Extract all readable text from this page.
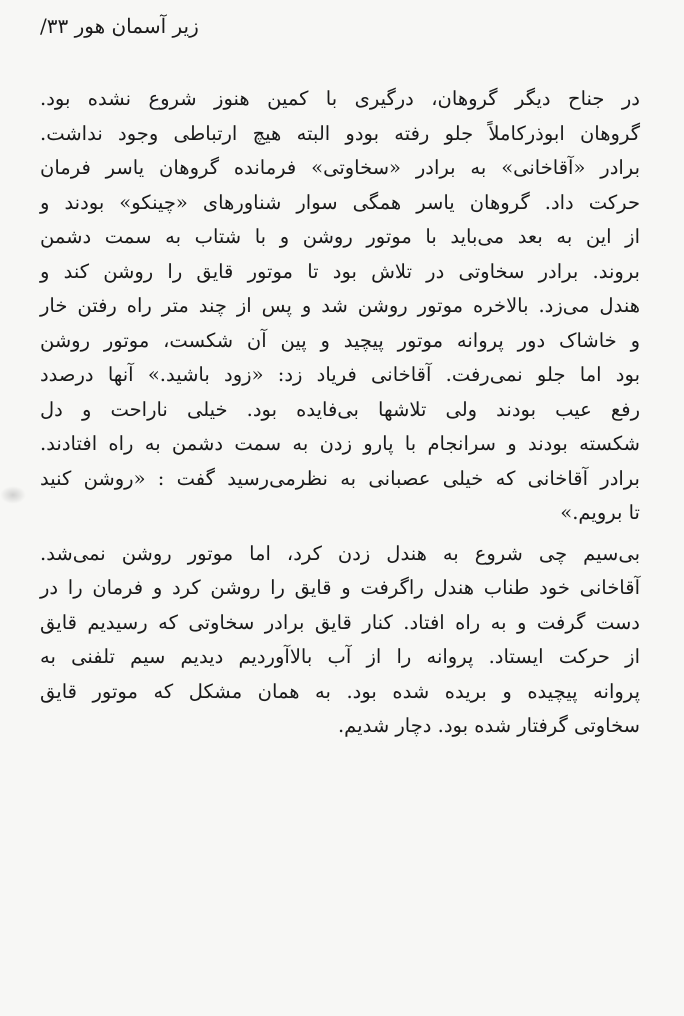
زیر آسمان هور ۳۳/
در جناح دیگر گروهان، درگیری با کمین هنوز شروع نشده بود.
گروهان ابوذرکاملاً جلو رفته بودو البته هیچ ارتباطی وجود نداشت.
برادر «آقاخانی» به برادر «سخاوتی» فرمانده گروهان یاسر فرمان
حرکت داد. گروهان یاسر همگی سوار شناورهای «چینکو» بودند و
از این به بعد می‌باید با موتور روشن و با شتاب به سمت دشمن
بروند. برادر سخاوتی در تلاش بود تا موتور قایق را روشن کند و
هندل می‌زد. بالاخره موتور روشن شد و پس از چند متر راه رفتن خار
و خاشاک دور پروانه موتور پیچید و پین آن شکست، موتور روشن
بود اما جلو نمی‌رفت. آقاخانی فریاد زد: «زود باشید.» آنها درصدد
رفع عیب بودند ولی تلاشها بی‌فایده بود. خیلی ناراحت و دل
شکسته بودند و سرانجام با پارو زدن به سمت دشمن به راه افتادند.
برادر آقاخانی که خیلی عصبانی به نظرمی‌رسید گفت : «روشن کنید
تا برویم.»
بی‌سیم چی شروع به هندل زدن کرد، اما موتور روشن نمی‌شد.
آقاخانی خود طناب هندل راگرفت و قایق را روشن کرد و فرمان را در
دست گرفت و به راه افتاد. کنار قایق برادر سخاوتی که رسیدیم قایق
از حرکت ایستاد. پروانه را از آب بالاآوردیم دیدیم سیم تلفنی به
پروانه پیچیده و بریده شده بود. به همان مشکل که موتور قایق
سخاوتی گرفتار شده بود. دچار شدیم.
